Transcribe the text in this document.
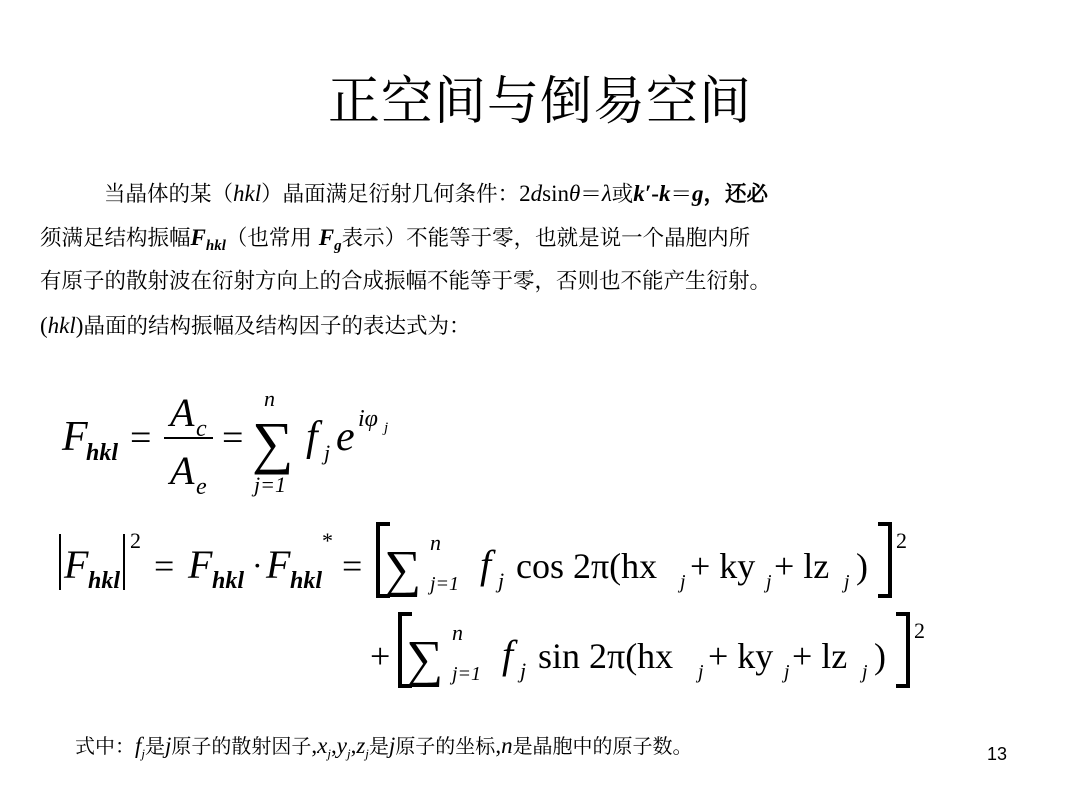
正空间与倒易空间
当晶体的某（hkl）晶面满足衍射几何条件：2dsinθ＝λ或k′-k＝g，还必
须满足结构振幅$F_{hkl}$（也常用 $F_g$表示）不能等于零，也就是说一个晶胞内所
有原子的散射波在衍射方向上的合成振幅不能等于零，否则也不能产生衍射。
(hkl)晶面的结构振幅及结构因子的表达式为：
F
hkl =
A c
A e
=
n
∑
j=1
f j e iφ j
F hkl
2
= F hkl · F hkl
*
= ∑ n
j=1 f j cos 2π(hx j + ky j + lz j )
2
+ ∑ n
j=1 f j sin 2π(hx j + ky j + lz j )
2
式中：$f_j$是j原子的散射因子$,x_j,y_j,z_j$是j原子的坐标,n是晶胞中的原子数。	13
